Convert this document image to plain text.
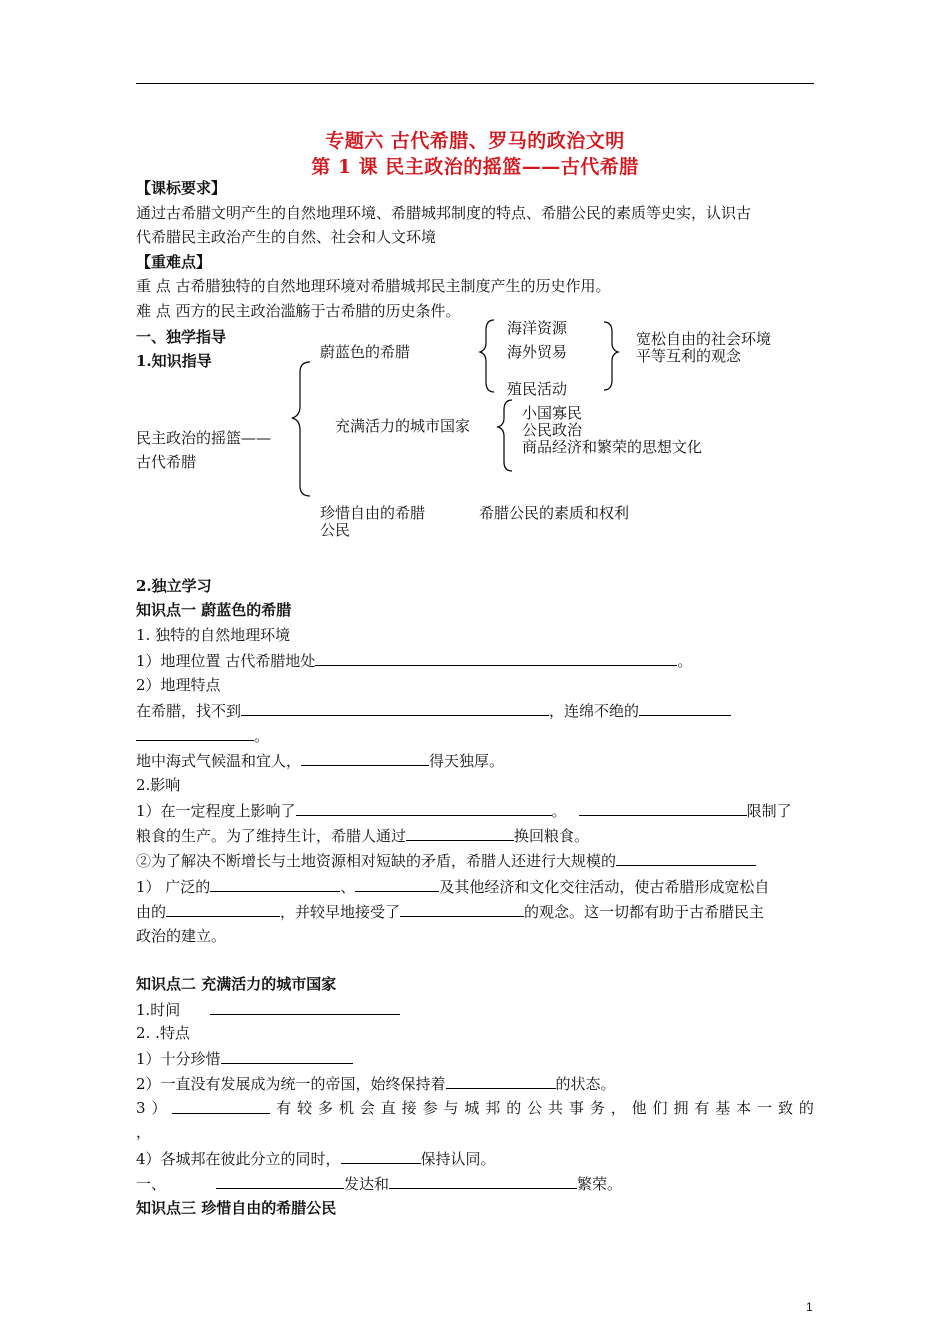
专题六 古代希腊、罗马的政治文明
第 1 课 民主政治的摇篮——古代希腊
【课标要求】
通过古希腊文明产生的自然地理环境、希腊城邦制度的特点、希腊公民的素质等史实，认识古
代希腊民主政治产生的自然、社会和人文环境
【重难点】
重 点 古希腊独特的自然地理环境对希腊城邦民主制度产生的历史作用。
难 点 西方的民主政治滥觞于古希腊的历史条件。
一、独学指导
1.知识指导
民主政治的摇篮——
古代希腊
蔚蓝色的希腊
海洋资源
海外贸易
殖民活动
宽松自由的社会环境
平等互利的观念
充满活力的城市国家
小国寡民
公民政治
商品经济和繁荣的思想文化
珍惜自由的希腊
公民
希腊公民的素质和权利
2.独立学习
知识点一 蔚蓝色的希腊
1. 独特的自然地理环境
1）地理位置 古代希腊地处	。
2）地理特点
在希腊，找不到	，连绵不绝的
。
地中海式气候温和宜人，	得天独厚。
2.影响
1）在一定程度上影响了	。	限制了
粮食的生产。为了维持生计，希腊人通过	换回粮食。
②为了解决不断增长与土地资源相对短缺的矛盾，希腊人还进行大规模的
1） 广泛的	、	及其他经济和文化交往活动，使古希腊形成宽松自
由的	，并较早地接受了	的观念。这一切都有助于古希腊民主
政治的建立。
知识点二 充满活力的城市国家
1.时间
2. .特点
1）十分珍惜
2）一直没有发展成为统一的帝国，始终保持着	的状态。
3 ）	有 较 多 机 会 直 接 参 与 城 邦 的 公 共 事 务 ， 他 们 拥 有 基 本 一 致 的
，
4）各城邦在彼此分立的同时，	保持认同。
一、	发达和	繁荣。
知识点三 珍惜自由的希腊公民
1
